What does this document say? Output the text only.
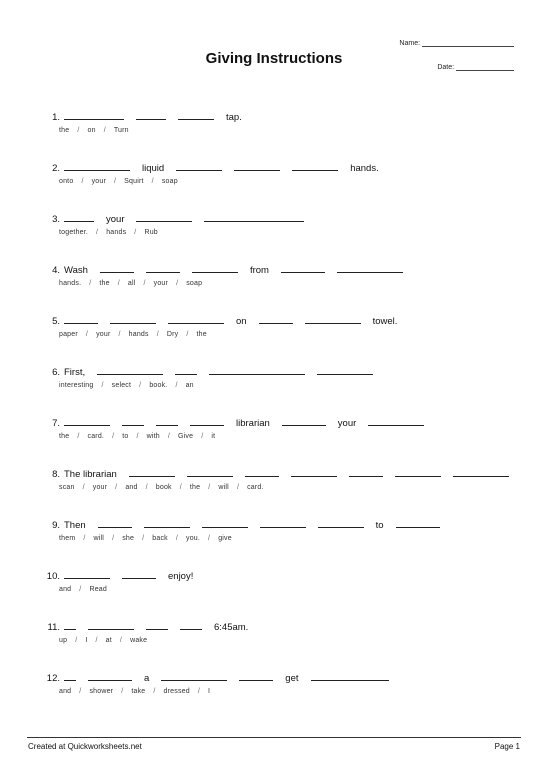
Giving Instructions
Name:
Date:
1.	tap.
the / on / Turn
2.	liquid	hands.
onto / your / Squirt / soap
3.	your
together. / hands / Rub
4. Wash	from
hands. / the / all / your / soap
5.	on	towel.
paper / your / hands / Dry / the
6. First,
interesting / select / book. / an
7.	librarian	your
the / card. / to / with / Give / it
8. The librarian
scan / your / and / book / the / will / card.
9. Then	to
them / will / she / back / you. / give
10.	enjoy!
and / Read
11.	6:45am.
up / I / at / wake
12.	a	get
and / shower / take / dressed / I
Created at Quickworksheets.net	Page 1
